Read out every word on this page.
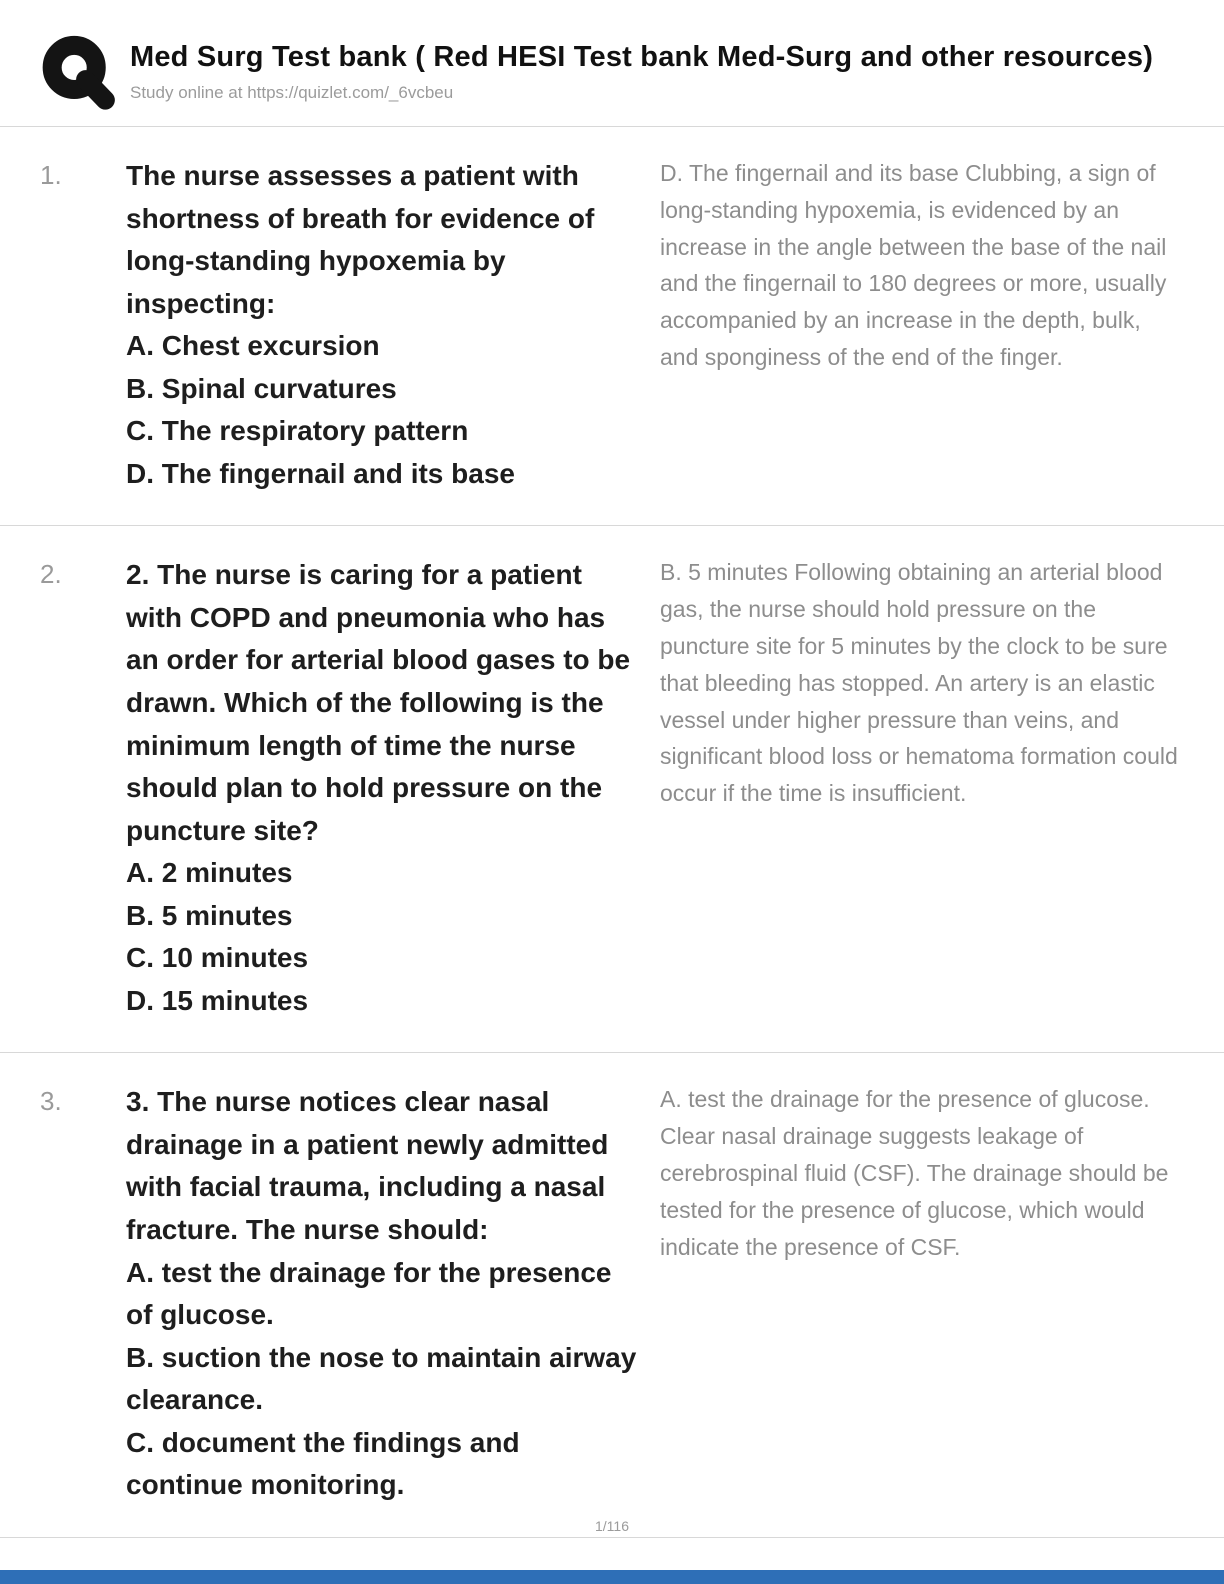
Med Surg Test bank ( Red HESI Test bank Med-Surg and other resources)

Study online at https://quizlet.com/_6vcbeu

1.	The nurse assesses a patient with shortness of breath for evidence of long-standing hypoxemia by inspecting:

A. Chest excursion

B. Spinal curvatures

C. The respiratory pattern

D. The fingernail and its base

D. The fingernail and its base Clubbing, a sign of long-standing hypoxemia, is evidenced by an increase in the angle between the base of the nail and the fingernail to 180 degrees or more, usually accompanied by an increase in the depth, bulk, and sponginess of the end of the finger.
2.	2. The nurse is caring for a patient with COPD and pneumonia who has an order for arterial blood gases to be drawn. Which of the following is the minimum length of time the nurse should plan to hold pressure on the puncture site?

A. 2 minutes

B. 5 minutes

C. 10 minutes

D. 15 minutes

B. 5 minutes Following obtaining an arterial blood gas, the nurse should hold pressure on the puncture site for 5 minutes by the clock to be sure that bleeding has stopped. An artery is an elastic vessel under higher pressure than veins, and significant blood loss or hematoma formation could occur if the time is insufficient.
3.	3. The nurse notices clear nasal drainage in a patient newly admitted with facial trauma, including a nasal fracture. The nurse should:

A. test the drainage for the presence of glucose.

B. suction the nose to maintain airway clearance.

C. document the findings and continue monitoring.

A. test the drainage for the presence of glucose. Clear nasal drainage suggests leakage of cerebrospinal fluid (CSF). The drainage should be tested for the presence of glucose, which would indicate the presence of CSF.
1/116
